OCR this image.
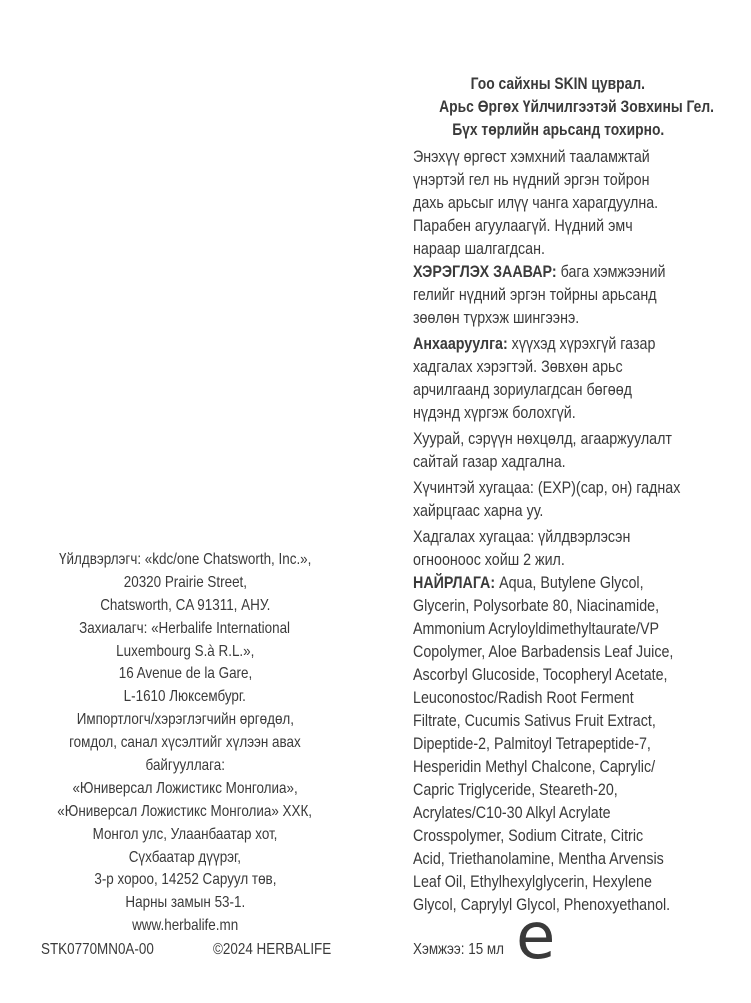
Гоо сайхны SKIN цуврал.
Арьс Өргөх Үйлчилгээтэй Зовхины Гел.
Бүх төрлийн арьсанд тохирно.
Энэхүү өргөст хэмхний тааламжтай
үнэртэй гел нь нүдний эргэн тойрон
дахь арьсыг илүү чанга харагдуулна.
Парабен агуулаагүй. Нүдний эмч
нараар шалгагдсан.
ХЭРЭГЛЭХ ЗААВАР: бага хэмжээний
гелийг нүдний эргэн тойрны арьсанд
зөөлөн түрхэж шингээнэ.
Анхааруулга: хүүхэд хүрэхгүй газар
хадгалах хэрэгтэй. Зөвхөн арьс
арчилгаанд зориулагдсан бөгөөд
нүдэнд хүргэж болохгүй.
Хуурай, сэрүүн нөхцөлд, агааржуулалт
сайтай газар хадгална.
Хүчинтэй хугацаа: (EXP)(сар, он) гаднах
хайрцгаас харна уу.
Хадгалах хугацаа: үйлдвэрлэсэн
огнооноос хойш 2 жил.
НАЙРЛАГА: Aqua, Butylene Glycol,
Glycerin, Polysorbate 80, Niacinamide,
Ammonium Acryloyldimethyltaurate/VP
Copolymer, Aloe Barbadensis Leaf Juice,
Ascorbyl Glucoside, Tocopheryl Acetate,
Leuconostoc/Radish Root Ferment
Filtrate, Cucumis Sativus Fruit Extract,
Dipeptide-2, Palmitoyl Tetrapeptide-7,
Hesperidin Methyl Chalcone, Caprylic/
Capric Triglyceride, Steareth-20,
Acrylates/C10-30 Alkyl Acrylate
Crosspolymer, Sodium Citrate, Citric
Acid, Triethanolamine, Mentha Arvensis
Leaf Oil, Ethylhexylglycerin, Hexylene
Glycol, Caprylyl Glycol, Phenoxyethanol.
Үйлдвэрлэгч: «kdc/one Chatsworth, Inc.»,
20320 Prairie Street,
Chatsworth, CA 91311, АНУ.
Захиалагч: «Herbalife International
Luxembourg S.à R.L.»,
16 Avenue de la Gare,
L-1610 Люксембург.
Импортлогч/хэрэглэгчийн өргөдөл,
гомдол, санал хүсэлтийг хүлээн авах
байгууллага:
«Юниверсал Ложистикс Монголиа»,
«Юниверсал Ложистикс Монголиа» ХХК,
Монгол улс, Улаанбаатар хот,
Сүхбаатар дүүрэг,
3-р хороо, 14252 Саруул төв,
Нарны замын 53-1.
www.herbalife.mn
STK0770MN0A-00	©2024 HERBALIFE	Хэмжээ: 15 мл e
